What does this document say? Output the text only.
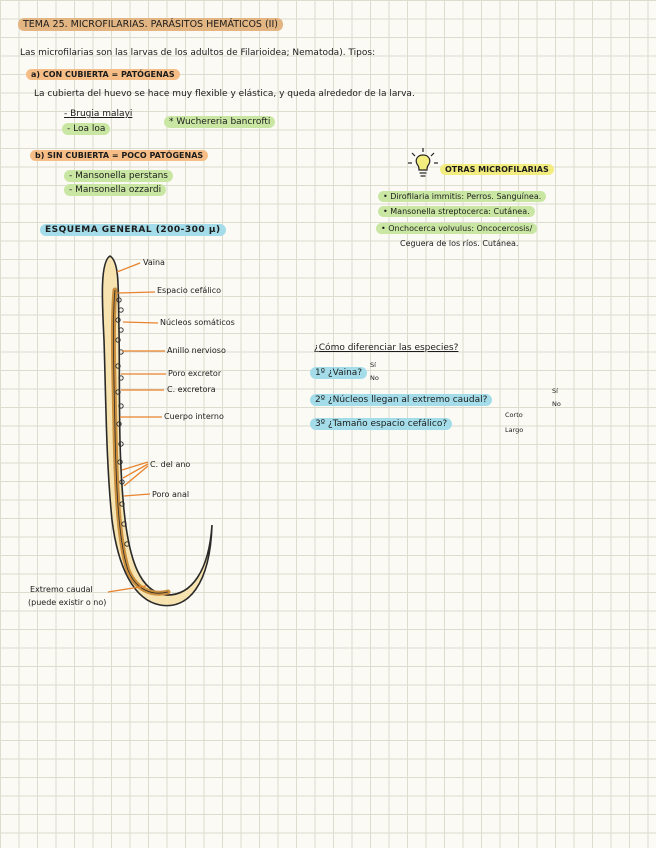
TEMA 25. MICROFILARIAS. PARÁSITOS HEMÁTICOS (II)
Las microfilarias son las larvas de los adultos de Filarioidea; Nematoda). Tipos:
a) CON CUBIERTA = PATÓGENAS
La cubierta del huevo se hace muy flexible y elástica, y queda alrededor de la larva.
- Brugia malayi
- Loa loa
* Wuchereria bancrofti
b) SIN CUBIERTA = POCO PATÓGENAS
- Mansonella perstans
- Mansonella ozzardi
OTRAS MICROFILARIAS
• Dirofilaria immitis: Perros. Sanguínea.
• Mansonella streptocerca: Cutánea.
• Onchocerca volvulus: Oncocercosis/
Ceguera de los ríos. Cutánea.
ESQUEMA GENERAL (200-300 μ)
Vaina
Espacio cefálico
Núcleos somáticos
Anillo nervioso
Poro excretor
C. excretora
Cuerpo interno
C. del ano
Poro anal
Extremo caudal
(puede existir o no)
¿Cómo diferenciar las especies?
1º ¿Vaina?
Sí
No
2º ¿Núcleos llegan al extremo caudal?
Sí
No
3º ¿Tamaño espacio cefálico?
Corto
Largo
